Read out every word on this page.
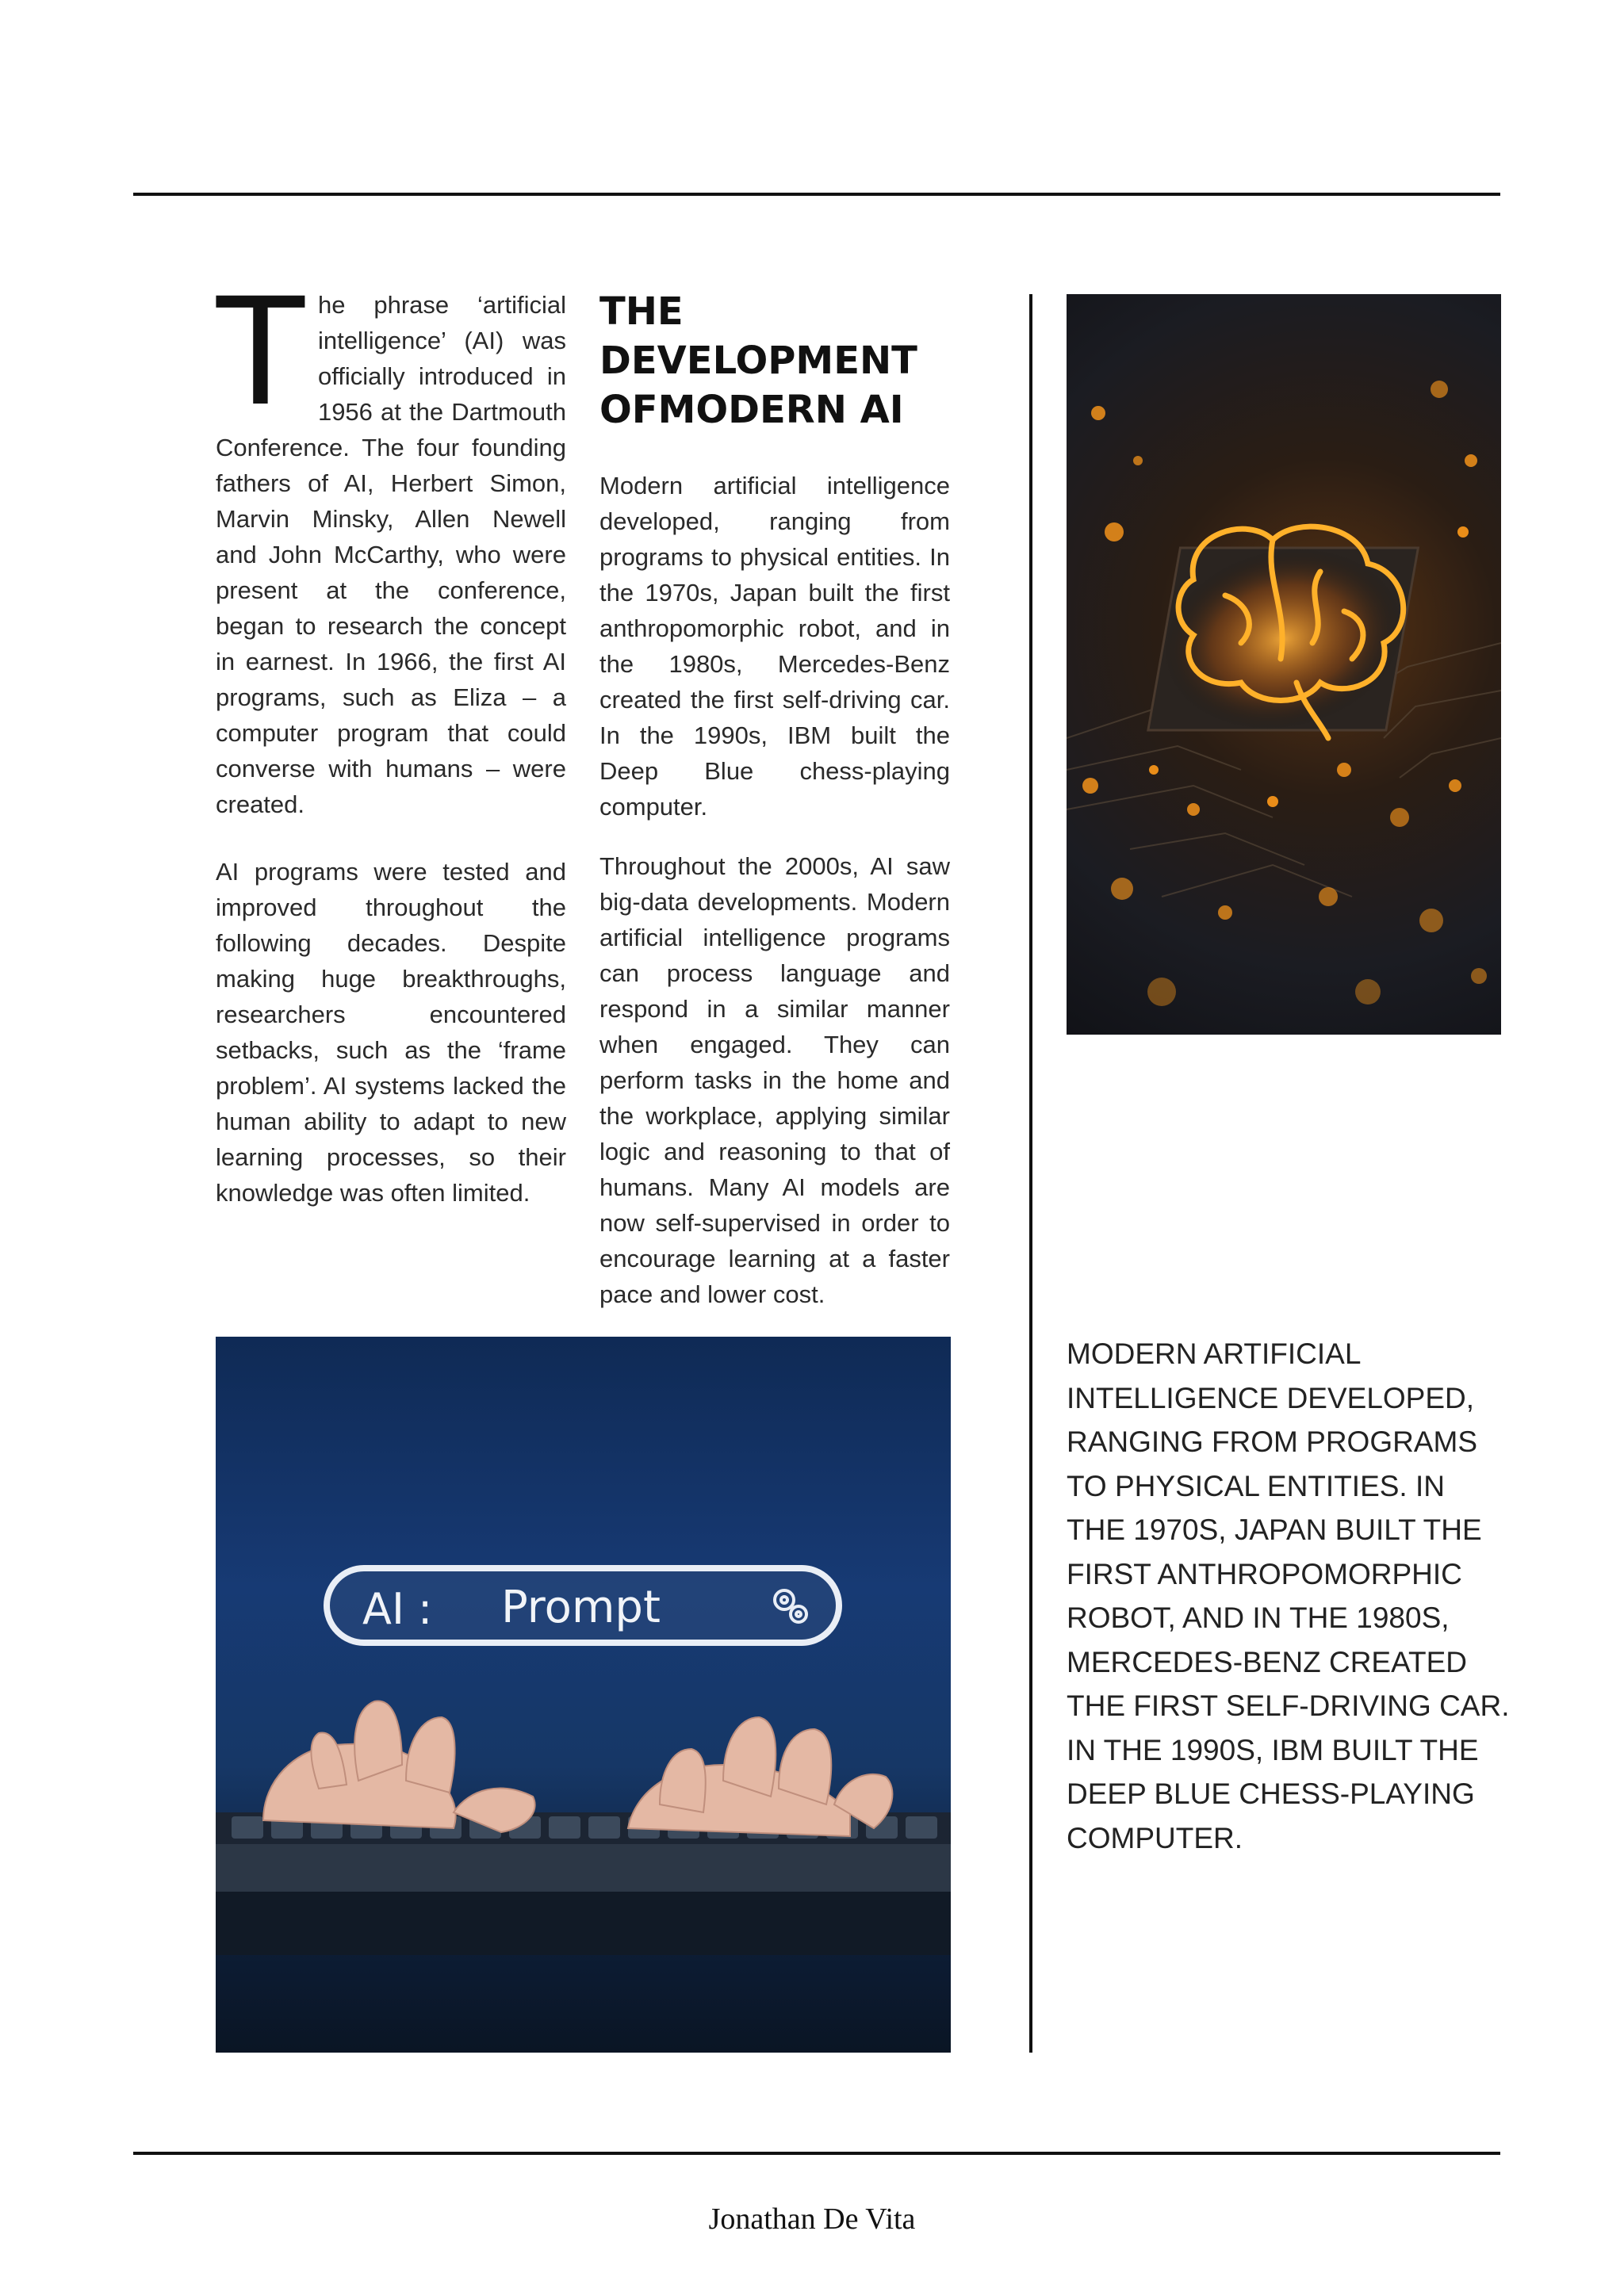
T he phrase ‘artificial intelligence’ (AI) was officially introduced in 1956 at the Dartmouth Conference. The four founding fathers of AI, Herbert Simon, Marvin Minsky, Allen Newell and John McCarthy, who were present at the conference, began to research the concept in earnest. In 1966, the first AI programs, such as Eliza – a computer program that could converse with humans – were created.

AI programs were tested and improved throughout the following decades. Despite making huge breakthroughs, researchers encountered setbacks, such as the ‘frame problem’. AI systems lacked the human ability to adapt to new learning processes, so their knowledge was often limited.

THE DEVELOPMENT OFMODERN AI

Modern artificial intelligence developed, ranging from programs to physical entities. In the 1970s, Japan built the first anthropomorphic robot, and in the 1980s, Mercedes-Benz created the first self-driving car. In the 1990s, IBM built the Deep Blue chess-playing computer.

Throughout the 2000s, AI saw big-data developments. Modern artificial intelligence programs can process language and respond in a similar manner when engaged. They can perform tasks in the home and the workplace, applying similar logic and reasoning to that of humans. Many AI models are now self-supervised in order to encourage learning at a faster pace and lower cost.

AI : Prompt
MODERN ARTIFICIAL INTELLIGENCE DEVELOPED, RANGING FROM PROGRAMS TO PHYSICAL ENTITIES. IN THE 1970S, JAPAN BUILT THE FIRST ANTHROPOMORPHIC ROBOT, AND IN THE 1980S, MERCEDES-BENZ CREATED THE FIRST SELF-DRIVING CAR. IN THE 1990S, IBM BUILT THE DEEP BLUE CHESS-PLAYING COMPUTER.
Jonathan De Vita
